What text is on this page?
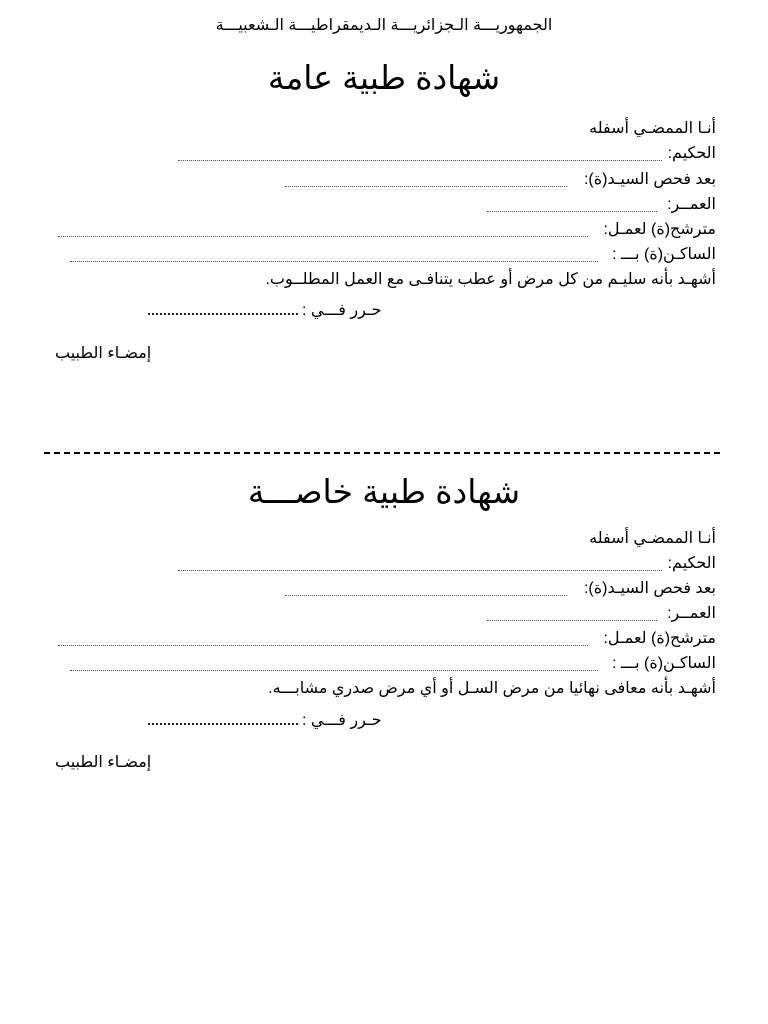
الجمهوريـــة الـجزائريـــة الـديمقراطيـــة الـشعبيـــة
شهادة طبية عامة
أنـا الممضـي أسفله
الحكيم:
بعد فحص السيـد(ة):
العمــر:
مترشح(ة) لعمـل:
الساكـن(ة) بـــ :
أشهـد بأنه سليـم من كل مرض أو عطب يتنافـى مع العمل المطلــوب.
: حـرر فـــي
إمضـاء الطبيب
شهادة طبية خاصـــة
أنـا الممضـي أسفله
الحكيم:
بعد فحص السيـد(ة):
العمــر:
مترشح(ة) لعمـل:
الساكـن(ة) بـــ :
أشهـد بأنه معافى نهائيا من مرض السـل أو أي مرض صدري مشابـــه.
: حـرر فـــي
إمضـاء الطبيب
